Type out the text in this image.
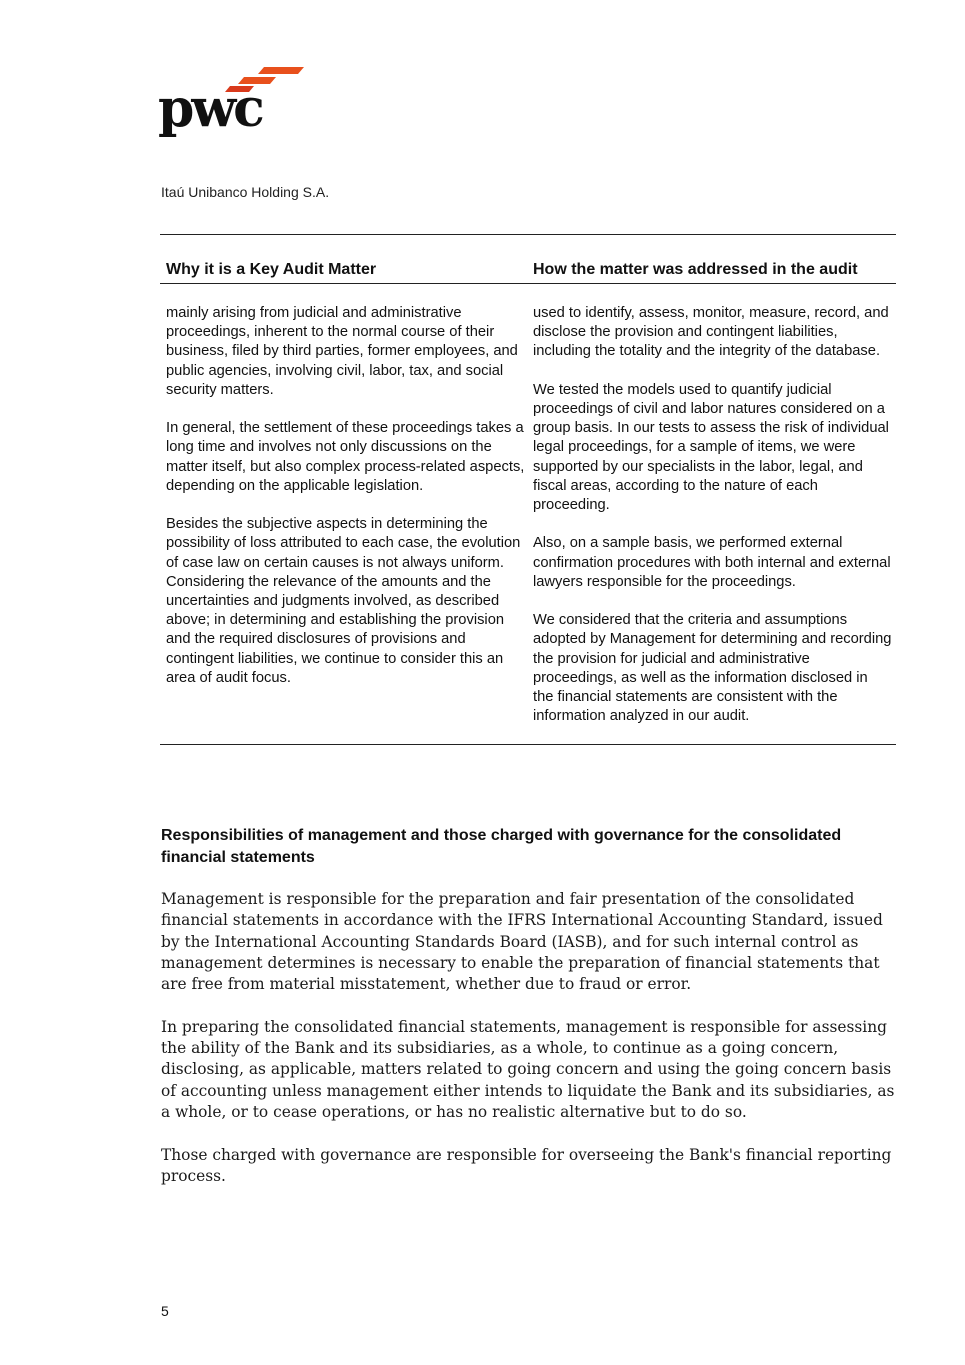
pwc
Itaú Unibanco Holding S.A.
Why it is a Key Audit Matter	How the matter was addressed in the audit

mainly arising from judicial and administrative proceedings, inherent to the normal course of their business, filed by third parties, former employees, and public agencies, involving civil, labor, tax, and social security matters.

In general, the settlement of these proceedings takes a long time and involves not only discussions on the matter itself, but also complex process-related aspects, depending on the applicable legislation.

Besides the subjective aspects in determining the possibility of loss attributed to each case, the evolution of case law on certain causes is not always uniform. Considering the relevance of the amounts and the uncertainties and judgments involved, as described above; in determining and establishing the provision and the required disclosures of provisions and contingent liabilities, we continue to consider this an area of audit focus.

used to identify, assess, monitor, measure, record, and disclose the provision and contingent liabilities, including the totality and the integrity of the database.

We tested the models used to quantify judicial proceedings of civil and labor natures considered on a group basis. In our tests to assess the risk of individual legal proceedings, for a sample of items, we were supported by our specialists in the labor, legal, and fiscal areas, according to the nature of each proceeding.

Also, on a sample basis, we performed external confirmation procedures with both internal and external lawyers responsible for the proceedings.

We considered that the criteria and assumptions adopted by Management for determining and recording the provision for judicial and administrative proceedings, as well as the information disclosed in the financial statements are consistent with the information analyzed in our audit.

Responsibilities of management and those charged with governance for the consolidated financial statements

Management is responsible for the preparation and fair presentation of the consolidated financial statements in accordance with the IFRS International Accounting Standard, issued by the International Accounting Standards Board (IASB), and for such internal control as management determines is necessary to enable the preparation of financial statements that are free from material misstatement, whether due to fraud or error.

In preparing the consolidated financial statements, management is responsible for assessing the ability of the Bank and its subsidiaries, as a whole, to continue as a going concern, disclosing, as applicable, matters related to going concern and using the going concern basis of accounting unless management either intends to liquidate the Bank and its subsidiaries, as a whole, or to cease operations, or has no realistic alternative but to do so.

Those charged with governance are responsible for overseeing the Bank's financial reporting process.

5
